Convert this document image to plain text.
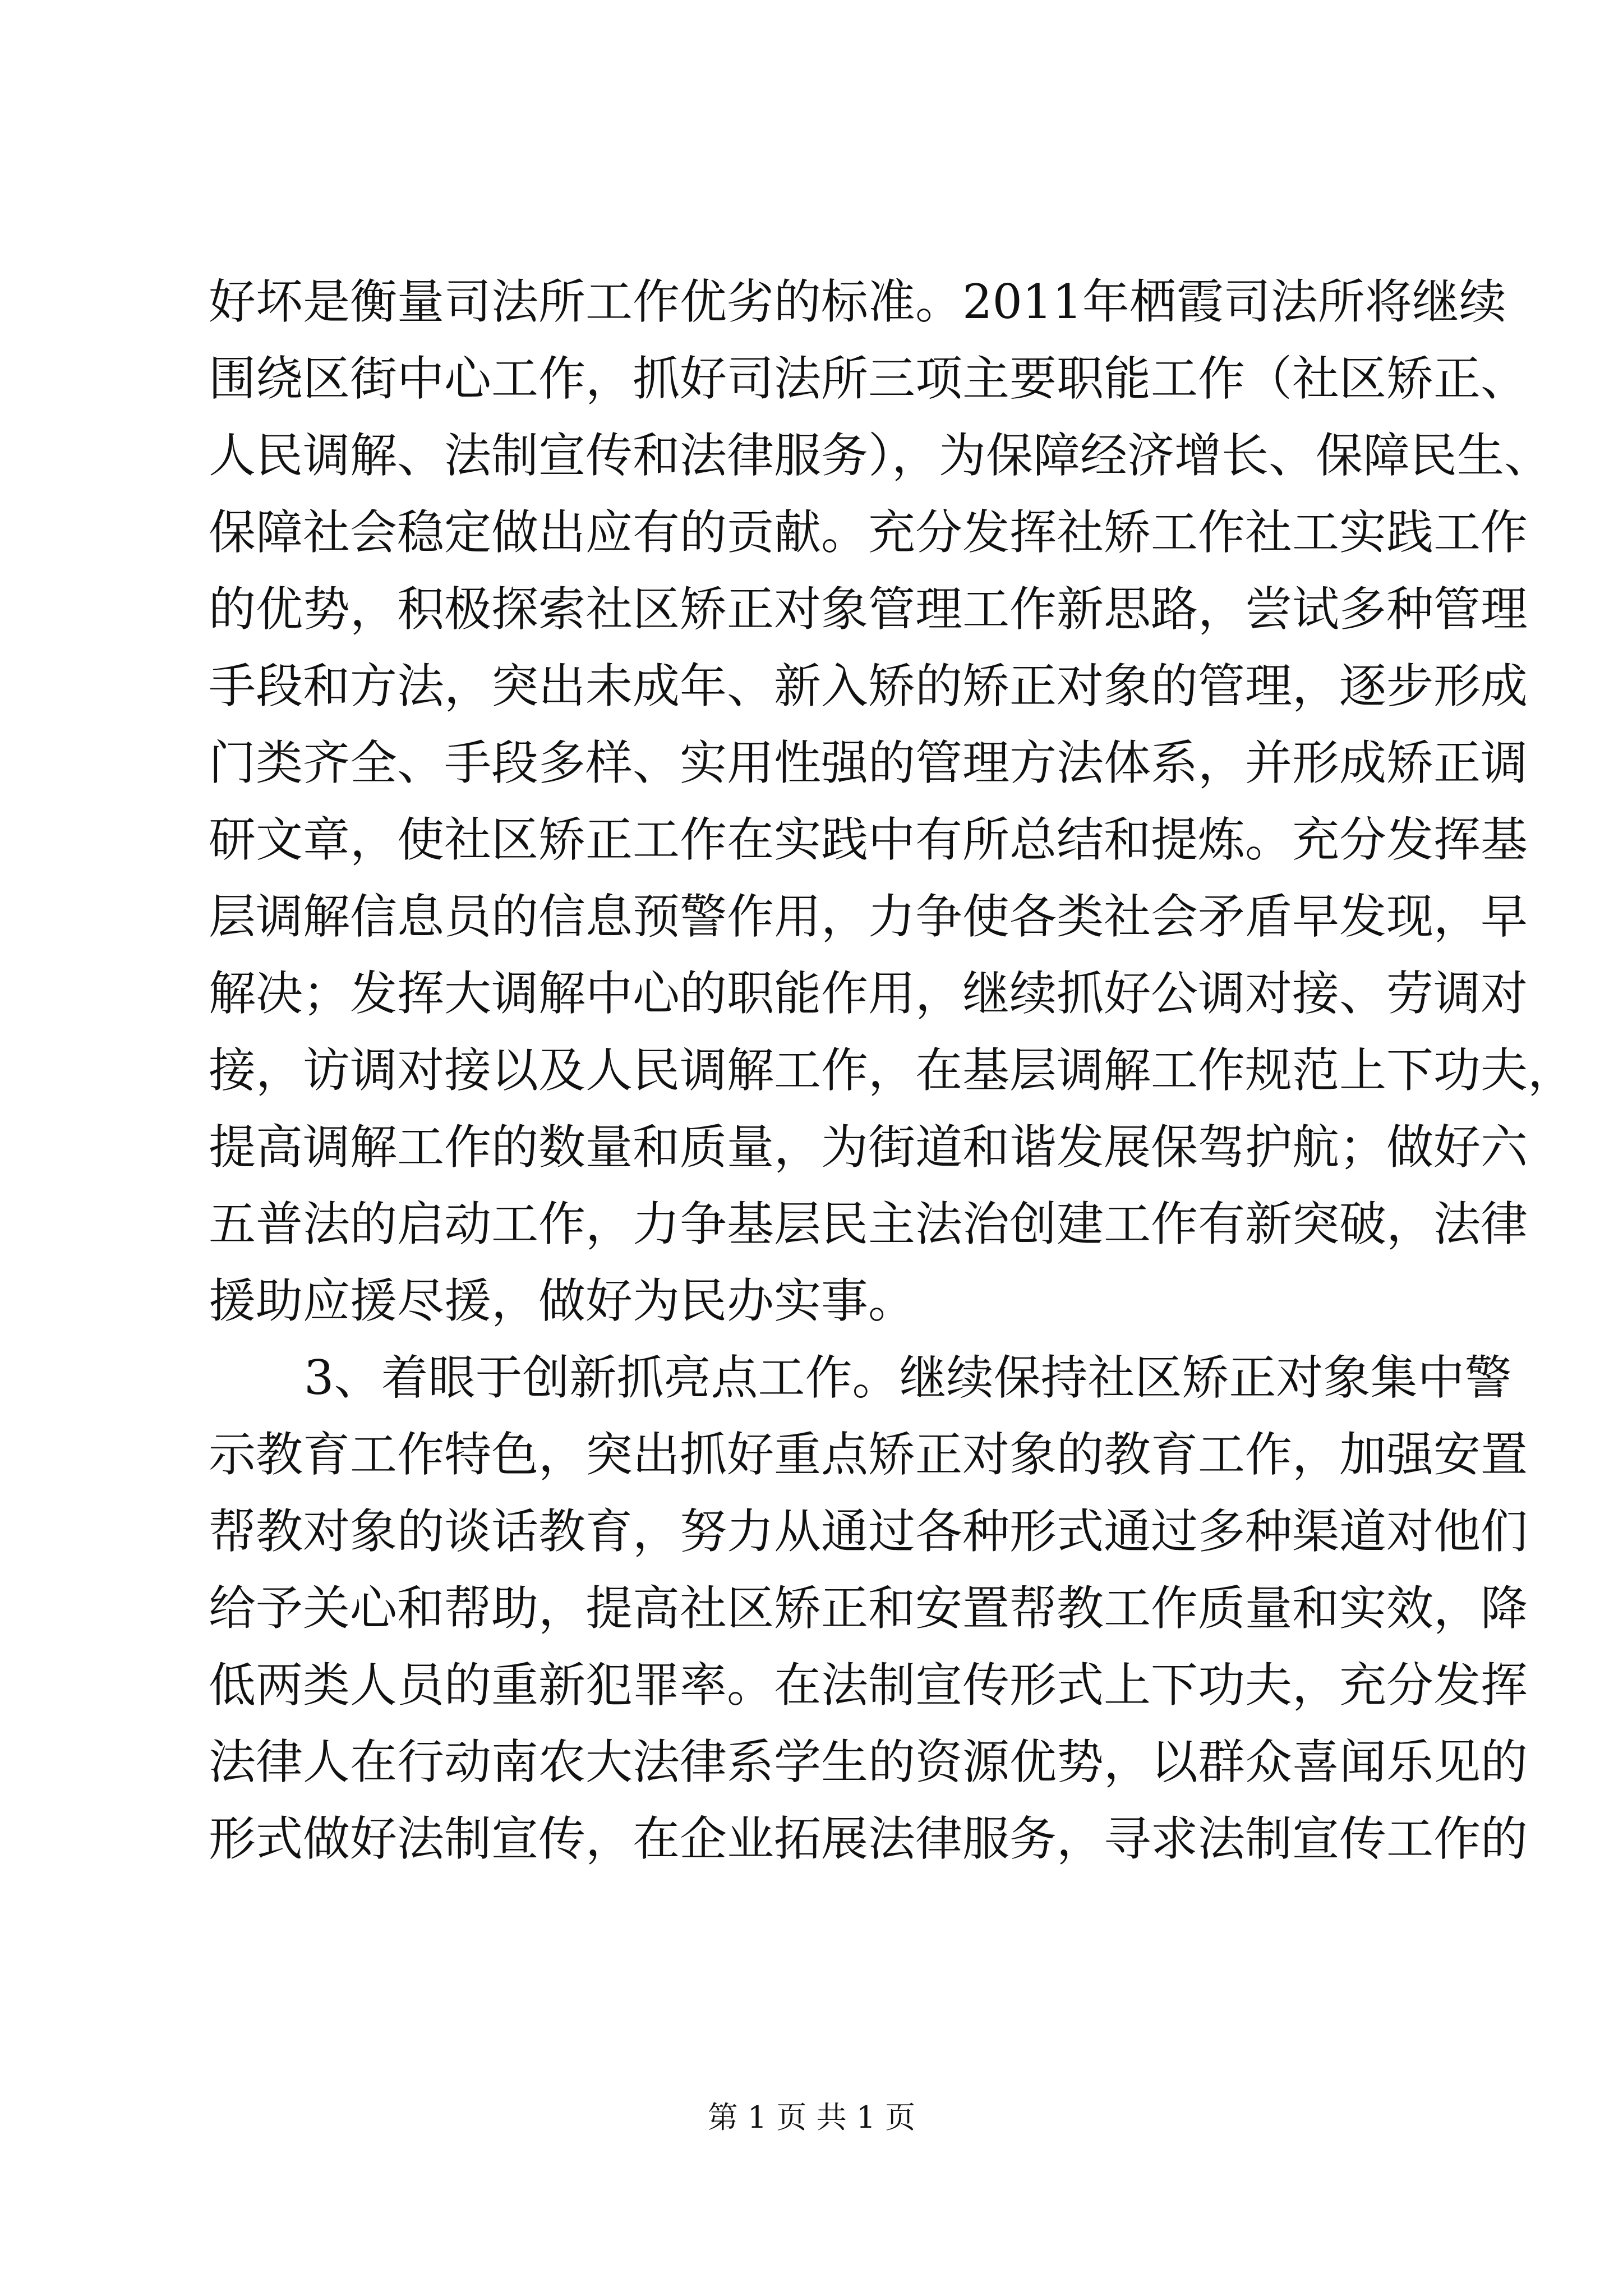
好坏是衡量司法所工作优劣的标准。2011年栖霞司法所将继续
围绕区街中心工作，抓好司法所三项主要职能工作（社区矫正、
人民调解、法制宣传和法律服务），为保障经济增长、保障民生、
保障社会稳定做出应有的贡献。充分发挥社矫工作社工实践工作
的优势，积极探索社区矫正对象管理工作新思路，尝试多种管理
手段和方法，突出未成年、新入矫的矫正对象的管理，逐步形成
门类齐全、手段多样、实用性强的管理方法体系，并形成矫正调
研文章，使社区矫正工作在实践中有所总结和提炼。充分发挥基
层调解信息员的信息预警作用，力争使各类社会矛盾早发现，早
解决；发挥大调解中心的职能作用，继续抓好公调对接、劳调对
接，访调对接以及人民调解工作，在基层调解工作规范上下功夫，
提高调解工作的数量和质量，为街道和谐发展保驾护航；做好六
五普法的启动工作，力争基层民主法治创建工作有新突破，法律
援助应援尽援，做好为民办实事。
3、着眼于创新抓亮点工作。继续保持社区矫正对象集中警
示教育工作特色，突出抓好重点矫正对象的教育工作，加强安置
帮教对象的谈话教育，努力从通过各种形式通过多种渠道对他们
给予关心和帮助，提高社区矫正和安置帮教工作质量和实效，降
低两类人员的重新犯罪率。在法制宣传形式上下功夫，充分发挥
法律人在行动南农大法律系学生的资源优势，以群众喜闻乐见的
形式做好法制宣传，在企业拓展法律服务，寻求法制宣传工作的
第 1 页 共 1 页
